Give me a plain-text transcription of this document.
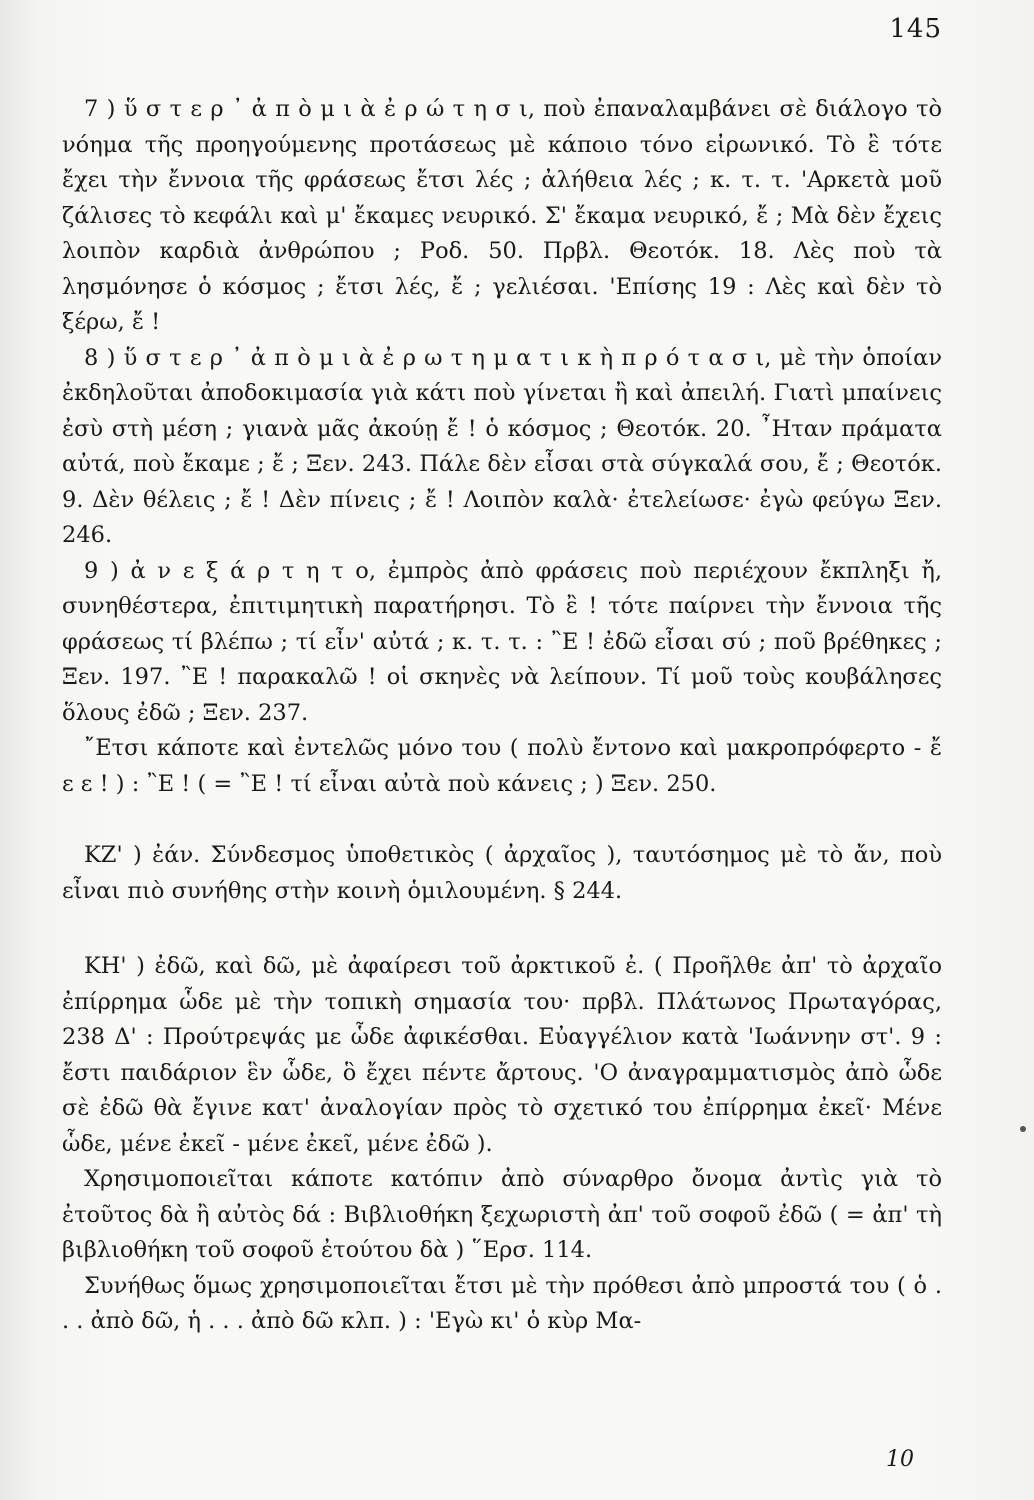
145

7 ) ὕ σ τ ε ρ ᾽ ἀ π ὸ μ ι ὰ ἐ ρ ώ τ η σ ι, ποὺ ἐπαναλαμβάνει σὲ διάλογο τὸ νόημα τῆς προηγούμενης προτάσεως μὲ κάποιο τόνο εἰρωνικό. Τὸ ἒ τότε ἔχει τὴν ἔννοια τῆς φράσεως ἔτσι λές ; ἀλήθεια λές ; κ. τ. τ. 'Αρκετὰ μοῦ ζάλισες τὸ κεφάλι καὶ μ' ἔκαμες νευρικό. Σ' ἔκαμα νευρικό, ἔ ; Μὰ δὲν ἔχεις λοιπὸν καρδιὰ ἀνθρώπου ; Ροδ. 50. Πρβλ. Θεοτόκ. 18. Λὲς ποὺ τὰ λησμόνησε ὁ κόσμος ; ἔτσι λές, ἔ ; γελιέσαι. 'Επίσης 19 : Λὲς καὶ δὲν τὸ ξέρω, ἔ !

8 ) ὕ σ τ ε ρ ᾽ ἀ π ὸ μ ι ὰ ἐ ρ ω τ η μ α τ ι κ ὴ π ρ ό τ α σ ι, μὲ τὴν ὁποίαν ἐκδηλοῦται ἀποδοκιμασία γιὰ κάτι ποὺ γίνεται ἢ καὶ ἀπειλή. Γιατὶ μπαίνεις ἐσὺ στὴ μέση ; γιανὰ μᾶς ἀκούῃ ἔ ! ὁ κόσμος ; Θεοτόκ. 20. ῏Ηταν πράματα αὐτά, ποὺ ἔκαμε ; ἔ ; Ξεν. 243. Πάλε δὲν εἶσαι στὰ σύγκαλά σου, ἔ ; Θεοτόκ. 9. Δὲν θέλεις ; ἔ ! Δὲν πίνεις ; ἔ ! Λοιπὸν καλὰ· ἐτελείωσε· ἐγὼ φεύγω Ξεν. 246.

9 ) ἀ ν ε ξ ά ρ τ η τ ο, ἐμπρὸς ἀπὸ φράσεις ποὺ περιέχουν ἔκπληξι ἤ, συνηθέστερα, ἐπιτιμητικὴ παρατήρησι. Τὸ ἒ ! τότε παίρνει τὴν ἔννοια τῆς φράσεως τί βλέπω ; τί εἶν' αὐτά ; κ. τ. τ. : ῍Ε ! ἐδῶ εἶσαι σύ ; ποῦ βρέθηκες ; Ξεν. 197. ῍Ε ! παρακαλῶ ! οἱ σκηνὲς νὰ λείπουν. Τί μοῦ τοὺς κουβάλησες ὅλους ἐδῶ ; Ξεν. 237.

῎Ετσι κάποτε καὶ ἐντελῶς μόνο του ( πολὺ ἔντονο καὶ μακροπρόφερτο - ἔ ε ε ! ) : ῍Ε ! ( = ῍Ε ! τί εἶναι αὐτὰ ποὺ κάνεις ; ) Ξεν. 250.

ΚΖ' ) ἐάν. Σύνδεσμος ὑποθετικὸς ( ἀρχαῖος ), ταυτόσημος μὲ τὸ ἄν, ποὺ εἶναι πιὸ συνήθης στὴν κοινὴ ὁμιλουμένη. § 244.

ΚΗ' ) ἐδῶ, καὶ δῶ, μὲ ἀφαίρεσι τοῦ ἀρκτικοῦ ἐ. ( Προῆλθε ἀπ' τὸ ἀρχαῖο ἐπίρρημα ὧδε μὲ τὴν τοπικὴ σημασία του· πρβλ. Πλάτωνος Πρωταγόρας, 238 Δ' : Προύτρεψάς με ὧδε ἀφικέσθαι. Εὐαγγέλιον κατὰ 'Ιωάννην στ'. 9 : ἔστι παιδάριον ἓν ὧδε, ὃ ἔχει πέντε ἄρτους. 'Ο ἀναγραμματισμὸς ἀπὸ ὧδε σὲ ἐδῶ θὰ ἔγινε κατ' ἀναλογίαν πρὸς τὸ σχετικό του ἐπίρρημα ἐκεῖ· Μένε ὧδε, μένε ἐκεῖ - μένε ἐκεῖ, μένε ἐδῶ ).

Χρησιμοποιεῖται κάποτε κατόπιν ἀπὸ σύναρθρο ὄνομα ἀντὶς γιὰ τὸ ἐτοῦτος δὰ ἢ αὐτὸς δά : Βιβλιοθήκη ξεχωριστὴ ἀπ' τοῦ σοφοῦ ἐδῶ ( = ἀπ' τὴ βιβλιοθήκη τοῦ σοφοῦ ἐτούτου δὰ ) ῞Ερσ. 114.

Συνήθως ὅμως χρησιμοποιεῖται ἔτσι μὲ τὴν πρόθεσι ἀπὸ μπροστά του ( ὁ . . . ἀπὸ δῶ, ἡ . . . ἀπὸ δῶ κλπ. ) : 'Εγὼ κι' ὁ κὺρ Μα-

10
